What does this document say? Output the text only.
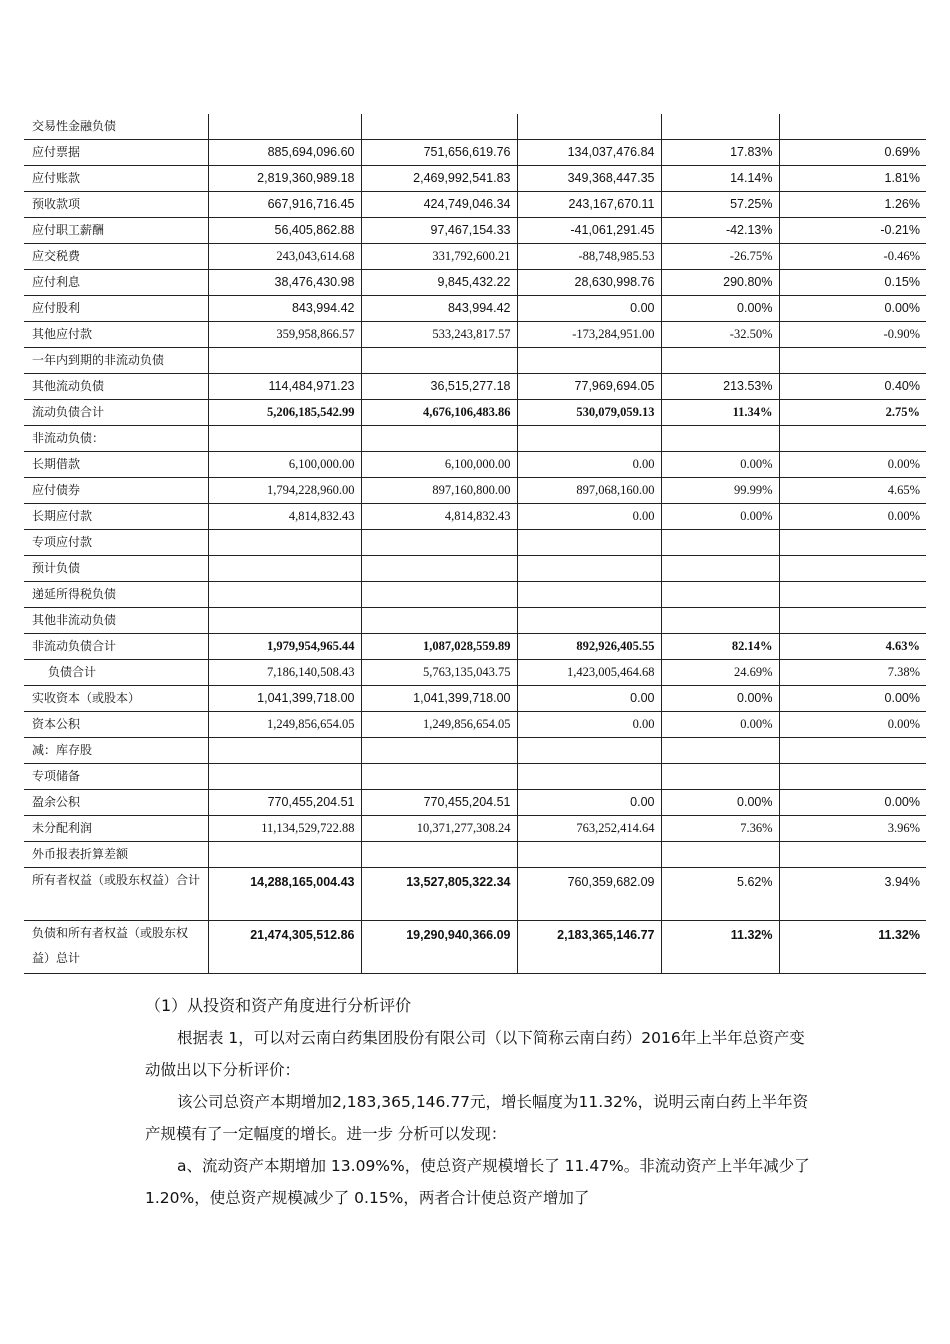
交易性金融负债					
应付票据	885,694,096.60	751,656,619.76	134,037,476.84	17.83%	0.69%
应付账款	2,819,360,989.18	2,469,992,541.83	349,368,447.35	14.14%	1.81%
预收款项	667,916,716.45	424,749,046.34	243,167,670.11	57.25%	1.26%
应付职工薪酬	56,405,862.88	97,467,154.33	-41,061,291.45	-42.13%	-0.21%
应交税费	243,043,614.68	331,792,600.21	-88,748,985.53	-26.75%	-0.46%
应付利息	38,476,430.98	9,845,432.22	28,630,998.76	290.80%	0.15%
应付股利	843,994.42	843,994.42	0.00	0.00%	0.00%
其他应付款	359,958,866.57	533,243,817.57	-173,284,951.00	-32.50%	-0.90%
一年内到期的非流动负债					
其他流动负债	114,484,971.23	36,515,277.18	77,969,694.05	213.53%	0.40%
流动负债合计	5,206,185,542.99	4,676,106,483.86	530,079,059.13	11.34%	2.75%
非流动负债：					
长期借款	6,100,000.00	6,100,000.00	0.00	0.00%	0.00%
应付债券	1,794,228,960.00	897,160,800.00	897,068,160.00	99.99%	4.65%
长期应付款	4,814,832.43	4,814,832.43	0.00	0.00%	0.00%
专项应付款					
预计负债					
递延所得税负债					
其他非流动负债					
非流动负债合计	1,979,954,965.44	1,087,028,559.89	892,926,405.55	82.14%	4.63%
负债合计	7,186,140,508.43	5,763,135,043.75	1,423,005,464.68	24.69%	7.38%
实收资本（或股本）	1,041,399,718.00	1,041,399,718.00	0.00	0.00%	0.00%
资本公积	1,249,856,654.05	1,249,856,654.05	0.00	0.00%	0.00%
减：库存股					
专项储备					
盈余公积	770,455,204.51	770,455,204.51	0.00	0.00%	0.00%
未分配利润	11,134,529,722.88	10,371,277,308.24	763,252,414.64	7.36%	3.96%
外币报表折算差额					
所有者权益（或股东权益）合计	14,288,165,004.43	13,527,805,322.34	760,359,682.09	5.62%	3.94%
负债和所有者权益（或股东权益）总计	21,474,305,512.86	19,290,940,366.09	2,183,365,146.77	11.32%	11.32%

（1）从投资和资产角度进行分析评价

根据表 1，可以对云南白药集团股份有限公司（以下简称云南白药）2016年上半年总资产变动做出以下分析评价：

该公司总资产本期增加2,183,365,146.77元，增长幅度为11.32%，说明云南白药上半年资产规模有了一定幅度的增长。进一步 分析可以发现：

a、流动资产本期增加 13.09%%，使总资产规模增长了 11.47%。非流动资产上半年减少了 1.20%，使总资产规模减少了 0.15%，两者合计使总资产增加了
